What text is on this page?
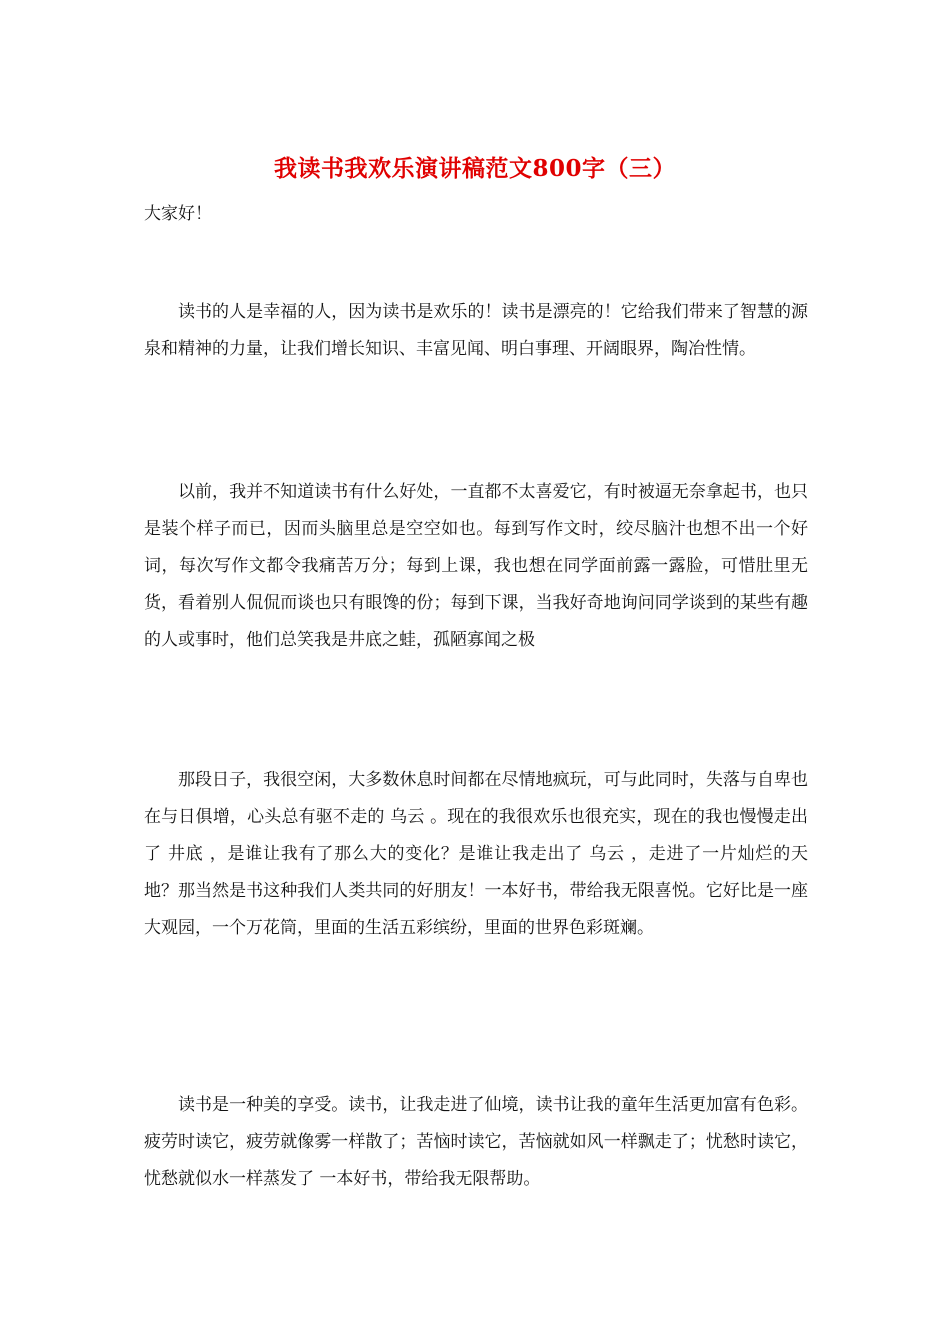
我读书我欢乐演讲稿范文800字（三）
大家好！

读书的人是幸福的人，因为读书是欢乐的！读书是漂亮的！它给我们带来了智慧的源泉和精神的力量，让我们增长知识、丰富见闻、明白事理、开阔眼界，陶冶性情。

以前，我并不知道读书有什么好处，一直都不太喜爱它，有时被逼无奈拿起书，也只是装个样子而已，因而头脑里总是空空如也。每到写作文时，绞尽脑汁也想不出一个好词，每次写作文都令我痛苦万分；每到上课，我也想在同学面前露一露脸，可惜肚里无货，看着别人侃侃而谈也只有眼馋的份；每到下课，当我好奇地询问同学谈到的某些有趣的人或事时，他们总笑我是井底之蛙，孤陋寡闻之极

那段日子，我很空闲，大多数休息时间都在尽情地疯玩，可与此同时，失落与自卑也在与日俱增，心头总有驱不走的 乌云 。现在的我很欢乐也很充实，现在的我也慢慢走出了 井底 ，是谁让我有了那么大的变化？是谁让我走出了 乌云 ，走进了一片灿烂的天地？那当然是书这种我们人类共同的好朋友！一本好书，带给我无限喜悦。它好比是一座大观园，一个万花筒，里面的生活五彩缤纷，里面的世界色彩斑斓。

读书是一种美的享受。读书，让我走进了仙境，读书让我的童年生活更加富有色彩。疲劳时读它，疲劳就像雾一样散了；苦恼时读它，苦恼就如风一样飘走了；忧愁时读它，忧愁就似水一样蒸发了 一本好书，带给我无限帮助。
